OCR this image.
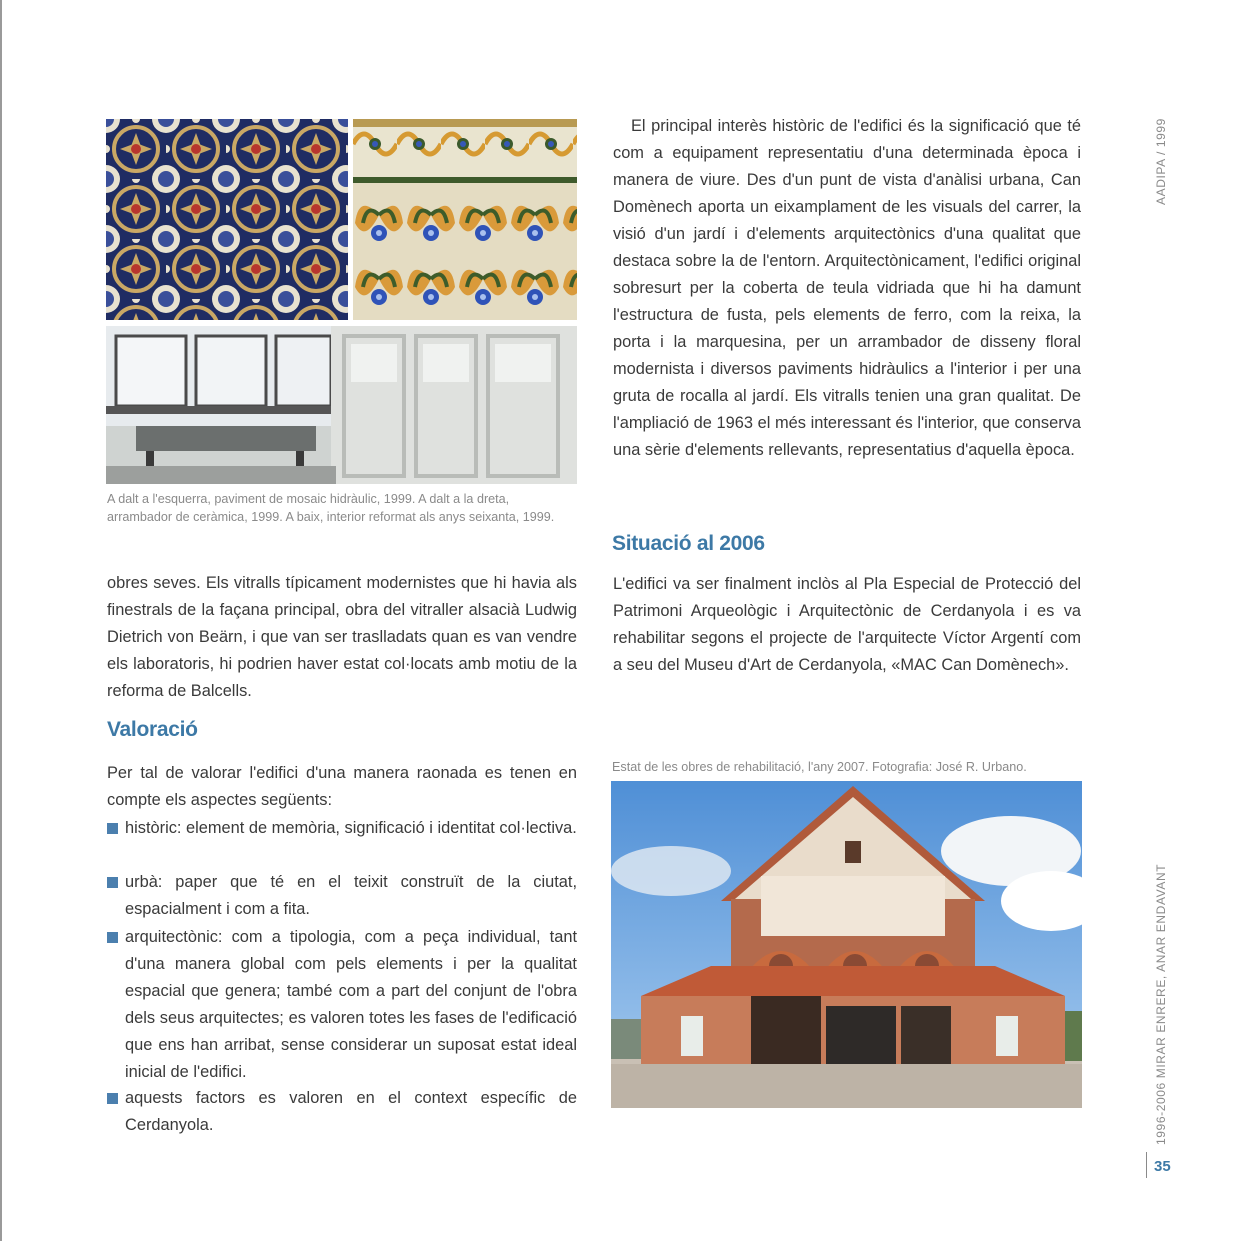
A dalt a l'esquerra, paviment de mosaic hidràulic, 1999. A dalt a la dreta, arrambador de ceràmica, 1999. A baix, interior reformat als anys seixanta, 1999.
obres seves. Els vitralls típicament modernistes que hi havia als finestrals de la façana principal, obra del vitraller alsacià Ludwig Dietrich von Beärn, i que van ser traslladats quan es van vendre els laboratoris, hi podrien haver estat col·locats amb motiu de la reforma de Balcells.
Valoració
Per tal de valorar l'edifici d'una manera raonada es tenen en compte els aspectes següents:
històric: element de memòria, significació i identitat col·lectiva.
urbà: paper que té en el teixit construït de la ciutat, espacialment i com a fita.
arquitectònic: com a tipologia, com a peça individual, tant d'una manera global com pels elements i per la qualitat espacial que genera; també com a part del conjunt de l'obra dels seus arquitectes; es valoren totes les fases de l'edificació que ens han arribat, sense considerar un suposat estat ideal inicial de l'edifici.
aquests factors es valoren en el context específic de Cerdanyola.
El principal interès històric de l'edifici és la significació que té com a equipament representatiu d'una determinada època i manera de viure. Des d'un punt de vista d'anàlisi urbana, Can Domènech aporta un eixamplament de les visuals del carrer, la visió d'un jardí i d'elements arquitectònics d'una qualitat que destaca sobre la de l'entorn. Arquitectònicament, l'edifici original sobresurt per la coberta de teula vidriada que hi ha damunt l'estructura de fusta, pels elements de ferro, com la reixa, la porta i la marquesina, per un arrambador de disseny floral modernista i diversos paviments hidràulics a l'interior i per una gruta de rocalla al jardí. Els vitralls tenien una gran qualitat. De l'ampliació de 1963 el més interessant és l'interior, que conserva una sèrie d'elements rellevants, representatius d'aquella època.
Situació al 2006
L'edifici va ser finalment inclòs al Pla Especial de Protecció del Patrimoni Arqueològic i Arquitectònic de Cerdanyola i es va rehabilitar segons el projecte de l'arquitecte Víctor Argentí com a seu del Museu d'Art de Cerdanyola, «MAC Can Domènech».
Estat de les obres de rehabilitació, l'any 2007. Fotografia: José R. Urbano.
AADIPA / 1999
1996-2006 MIRAR ENRERE, ANAR ENDAVANT
35
